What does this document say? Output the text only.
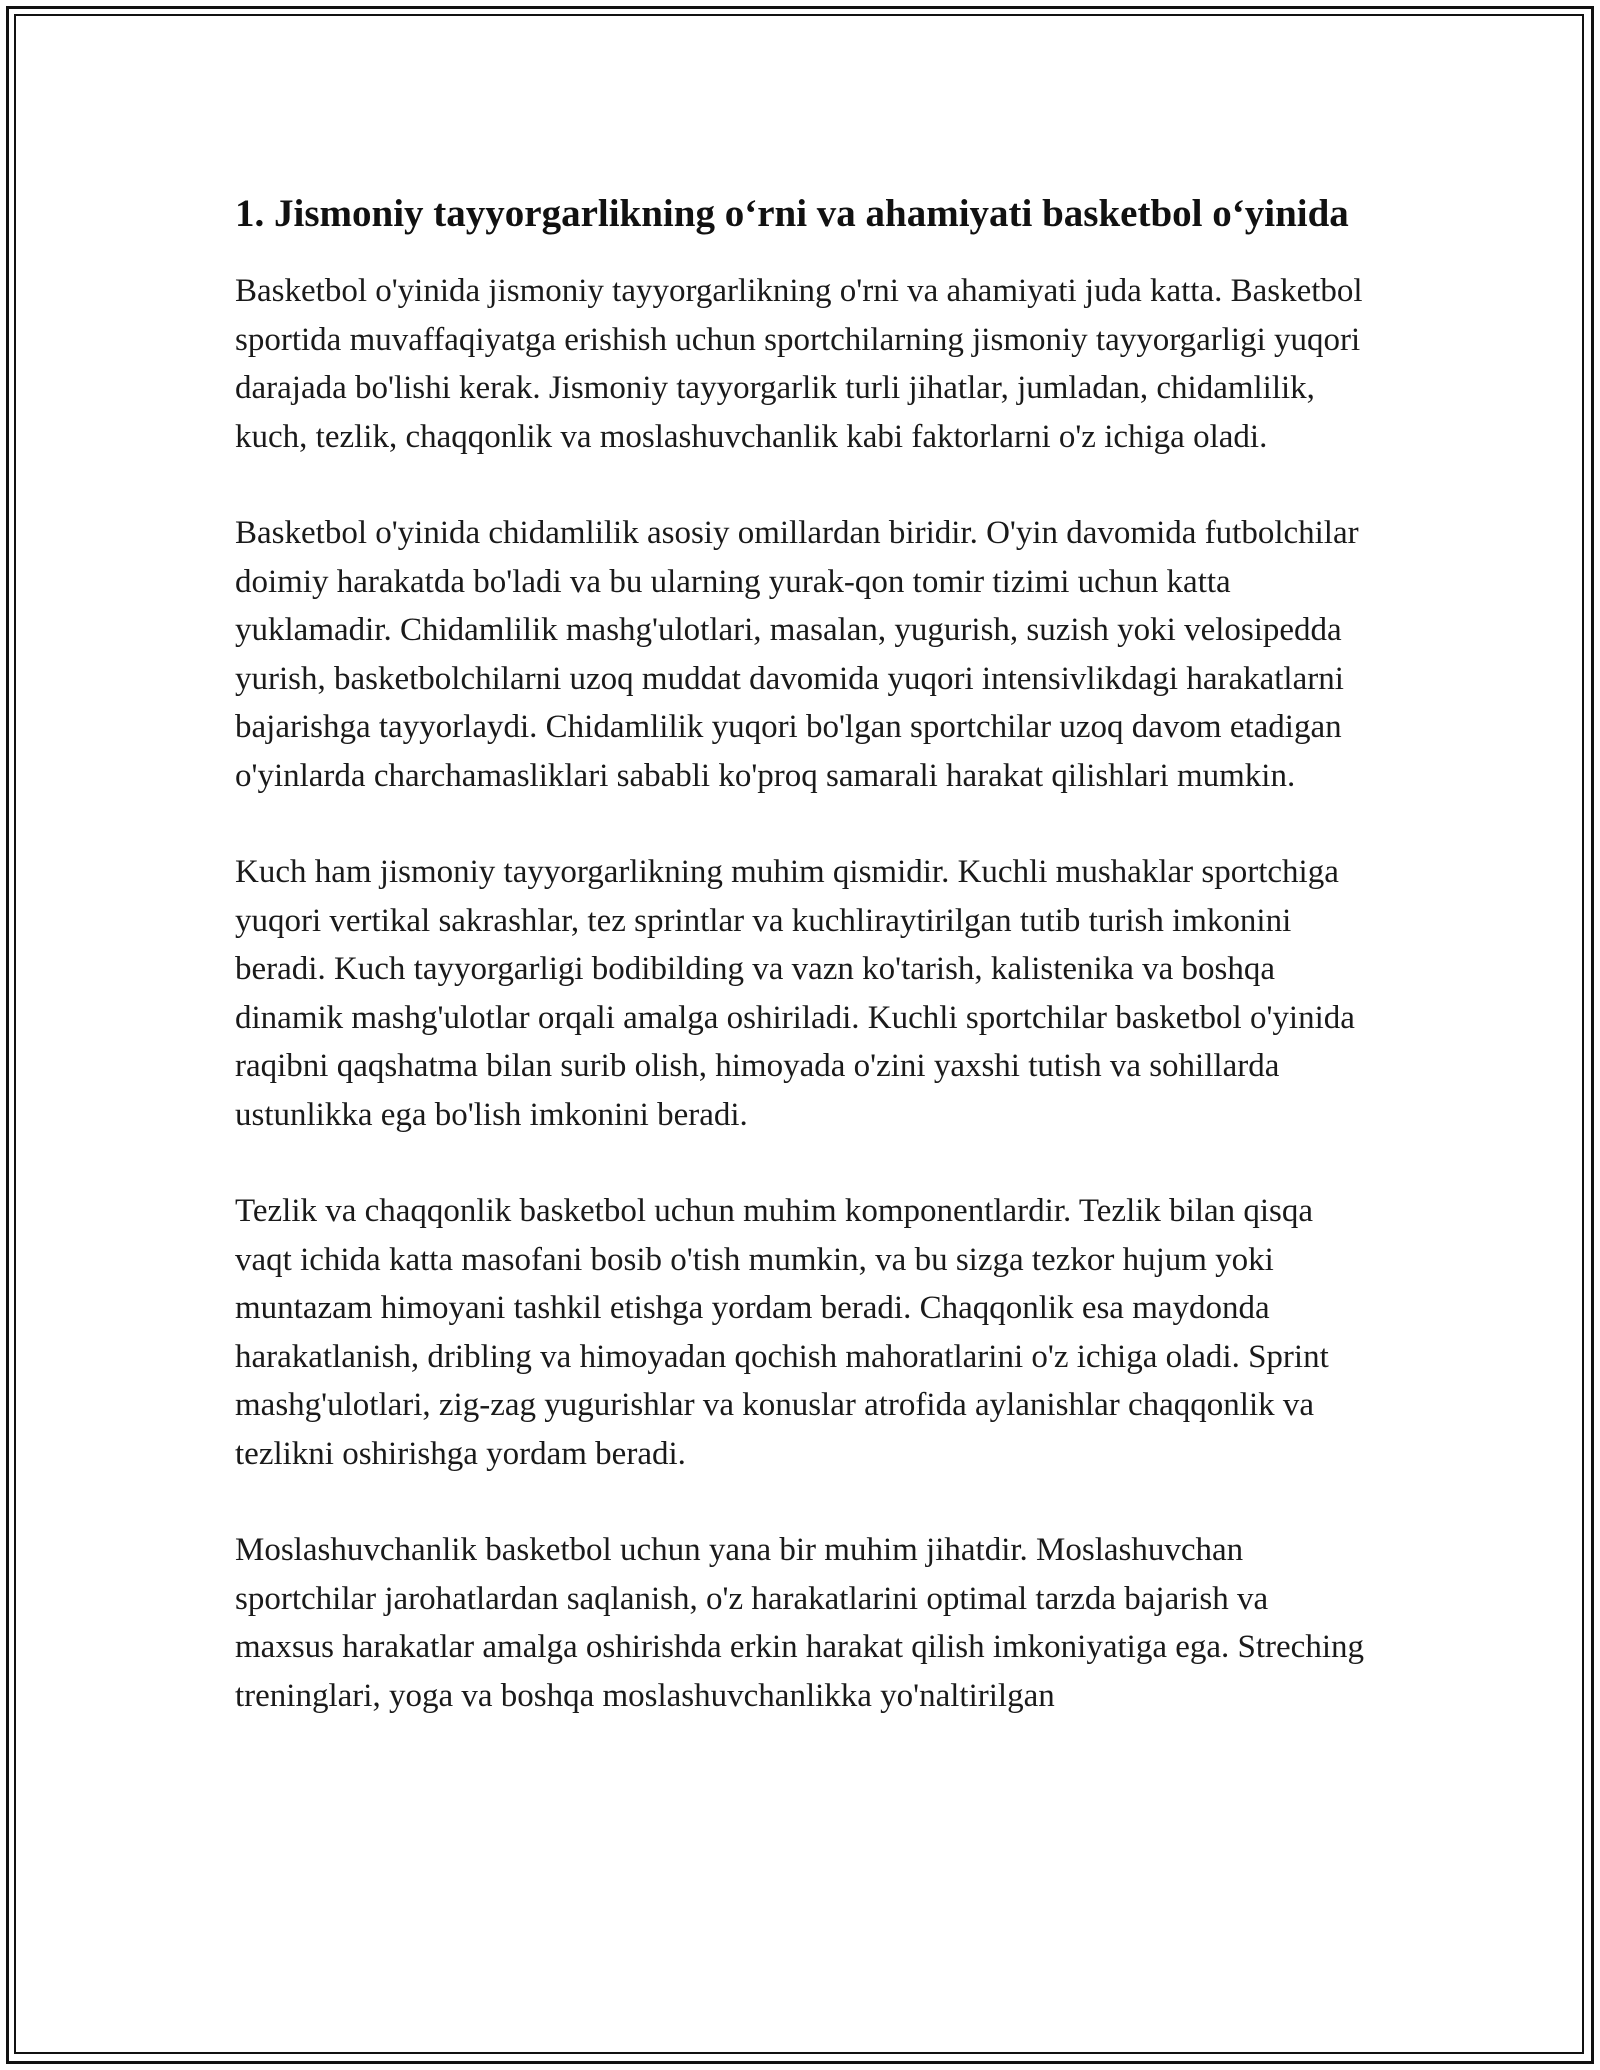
1. Jismoniy tayyorgarlikning o‘rni va ahamiyati basketbol o‘yinida

Basketbol o'yinida jismoniy tayyorgarlikning o'rni va ahamiyati juda katta. Basketbol sportida muvaffaqiyatga erishish uchun sportchilarning jismoniy tayyorgarligi yuqori darajada bo'lishi kerak. Jismoniy tayyorgarlik turli jihatlar, jumladan, chidamlilik, kuch, tezlik, chaqqonlik va moslashuvchanlik kabi faktorlarni o'z ichiga oladi.

Basketbol o'yinida chidamlilik asosiy omillardan biridir. O'yin davomida futbolchilar doimiy harakatda bo'ladi va bu ularning yurak-qon tomir tizimi uchun katta yuklamadir. Chidamlilik mashg'ulotlari, masalan, yugurish, suzish yoki velosipedda yurish, basketbolchilarni uzoq muddat davomida yuqori intensivlikdagi harakatlarni bajarishga tayyorlaydi. Chidamlilik yuqori bo'lgan sportchilar uzoq davom etadigan o'yinlarda charchamasliklari sababli ko'proq samarali harakat qilishlari mumkin.

Kuch ham jismoniy tayyorgarlikning muhim qismidir. Kuchli mushaklar sportchiga yuqori vertikal sakrashlar, tez sprintlar va kuchliraytirilgan tutib turish imkonini beradi. Kuch tayyorgarligi bodibilding va vazn ko'tarish, kalistenika va boshqa dinamik mashg'ulotlar orqali amalga oshiriladi. Kuchli sportchilar basketbol o'yinida raqibni qaqshatma bilan surib olish, himoyada o'zini yaxshi tutish va sohillarda ustunlikka ega bo'lish imkonini beradi.

Tezlik va chaqqonlik basketbol uchun muhim komponentlardir. Tezlik bilan qisqa vaqt ichida katta masofani bosib o'tish mumkin, va bu sizga tezkor hujum yoki muntazam himoyani tashkil etishga yordam beradi. Chaqqonlik esa maydonda harakatlanish, dribling va himoyadan qochish mahoratlarini o'z ichiga oladi. Sprint mashg'ulotlari, zig-zag yugurishlar va konuslar atrofida aylanishlar chaqqonlik va tezlikni oshirishga yordam beradi.

Moslashuvchanlik basketbol uchun yana bir muhim jihatdir. Moslashuvchan sportchilar jarohatlardan saqlanish, o'z harakatlarini optimal tarzda bajarish va maxsus harakatlar amalga oshirishda erkin harakat qilish imkoniyatiga ega. Streching treninglari, yoga va boshqa moslashuvchanlikka yo'naltirilgan
